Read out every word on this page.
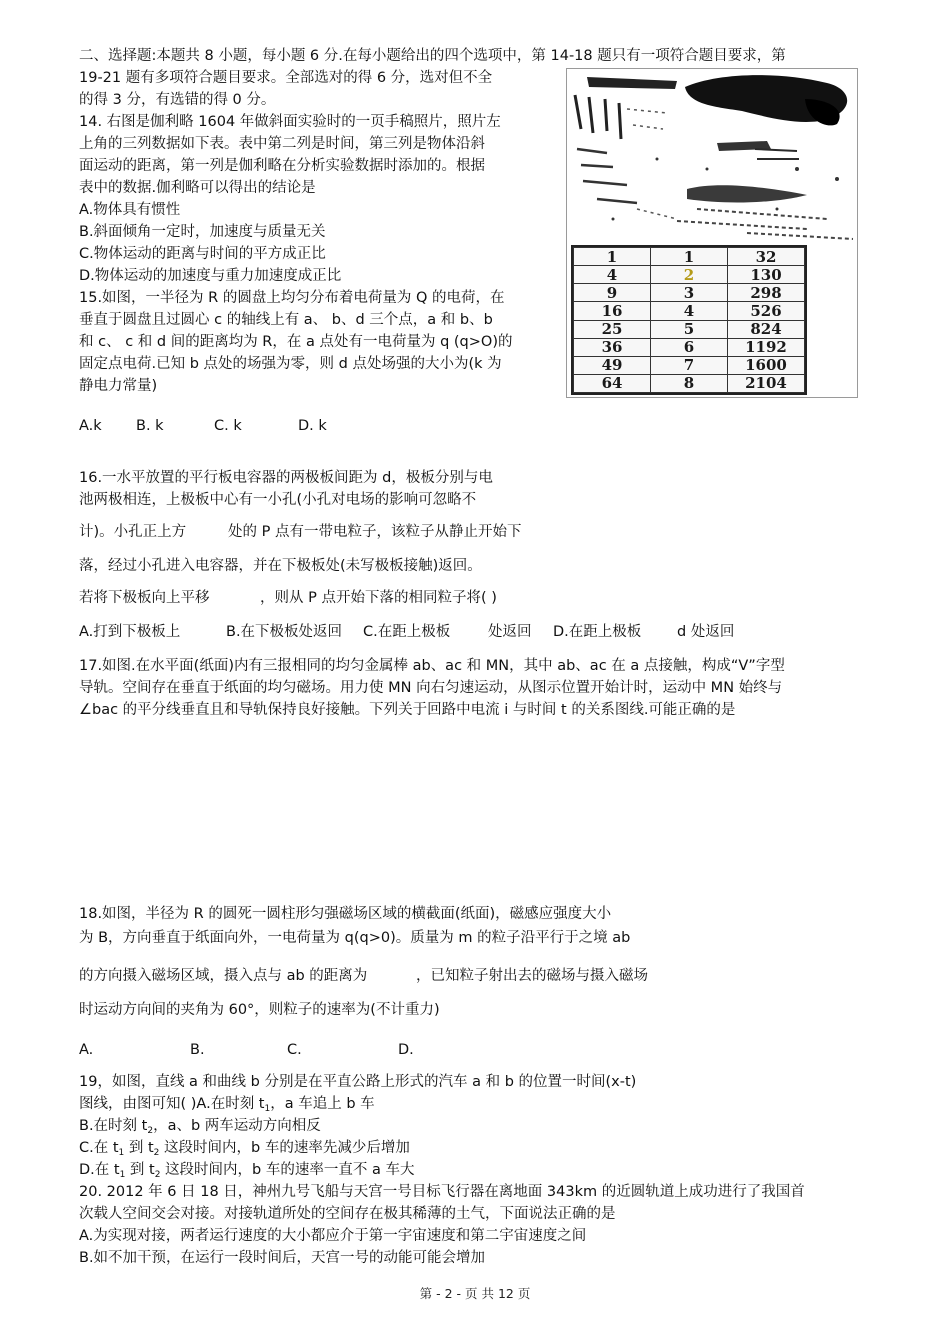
二、选择题:本题共 8 小题，每小题 6 分.在每小题给出的四个选项中，第 14-18 题只有一项符合题目要求，第
19-21 题有多项符合题目要求。全部选对的得 6 分，选对但不全
的得 3 分，有选错的得 0 分。
14. 右图是伽利略 1604 年做斜面实验时的一页手稿照片，照片左
上角的三列数据如下表。表中第二列是时间，第三列是物体沿斜
面运动的距离，第一列是伽利略在分析实验数据时添加的。根据
表中的数据.伽利略可以得出的结论是
A.物体具有惯性
B.斜面倾角一定时，加速度与质量无关
C.物体运动的距离与时间的平方成正比
D.物体运动的加速度与重力加速度成正比
1	1	32
4	2	130
9	3	298
16	4	526
25	5	824
36	6	1192
49	7	1600
64	8	2104
15.如图，一半径为 R 的圆盘上均匀分布着电荷量为 Q 的电荷，在
垂直于圆盘且过圆心 c 的轴线上有 a、 b、d 三个点，a 和 b、b
和 c、 c 和 d 间的距离均为 R，在 a 点处有一电荷量为 q (q>O)的
固定点电荷.已知 b 点处的场强为零，则 d 点处场强的大小为(k 为
静电力常量)
A.k B. k	C. k	D. k
16.一水平放置的平行板电容器的两极板间距为 d，极板分别与电
池两极相连，上极板中心有一小孔(小孔对电场的影响可忽略不
计)。小孔正上方	处的 P 点有一带电粒子，该粒子从静止开始下
落，经过小孔进入电容器，并在下极板处(未写极板接触)返回。
若将下极板向上平移	，则从 P 点开始下落的相同粒子将( )
A.打到下极板上	B.在下极板处返回 C.在距上极板	处返回 D.在距上极板 d 处返回
17.如图.在水平面(纸面)内有三报相同的均匀金属棒 ab、ac 和 MN，其中 ab、ac 在 a 点接触，构成“V”字型
导轨。空间存在垂直于纸面的均匀磁场。用力使 MN 向右匀速运动，从图示位置开始计时，运动中 MN 始终与
∠bac 的平分线垂直且和导轨保持良好接触。下列关于回路中电流 i 与时间 t 的关系图线.可能正确的是
18.如图，半径为 R 的圆死一圆柱形匀强磁场区域的横截面(纸面)，磁感应强度大小
为 B，方向垂直于纸面向外，一电荷量为 q(q>0)。质量为 m 的粒子沿平行于之境 ab
的方向摄入磁场区域，摄入点与 ab 的距离为	，已知粒子射出去的磁场与摄入磁场
时运动方向间的夹角为 60°，则粒子的速率为(不计重力)
A.	B.	C.	D.
19，如图，直线 a 和曲线 b 分别是在平直公路上形式的汽车 a 和 b 的位置一时间(x-t)
图线，由图可知( )A.在时刻 $t_1$，a 车追上 b 车
B.在时刻 $t_2$，a、b 两车运动方向相反
C.在 $t_1$ 到 $t_2$ 这段时间内，b 车的速率先减少后增加
D.在 $t_1$ 到 $t_2$ 这段时间内，b 车的速率一直不 a 车大
20. 2012 年 6 日 18 日，神州九号飞船与天宫一号目标飞行器在离地面 343km 的近圆轨道上成功进行了我国首
次载人空间交会对接。对接轨道所处的空间存在极其稀薄的土气，下面说法正确的是
A.为实现对接，两者运行速度的大小都应介于第一宇宙速度和第二宇宙速度之间
B.如不加干预，在运行一段时间后，天宫一号的动能可能会增加
第 - 2 - 页 共 12 页
